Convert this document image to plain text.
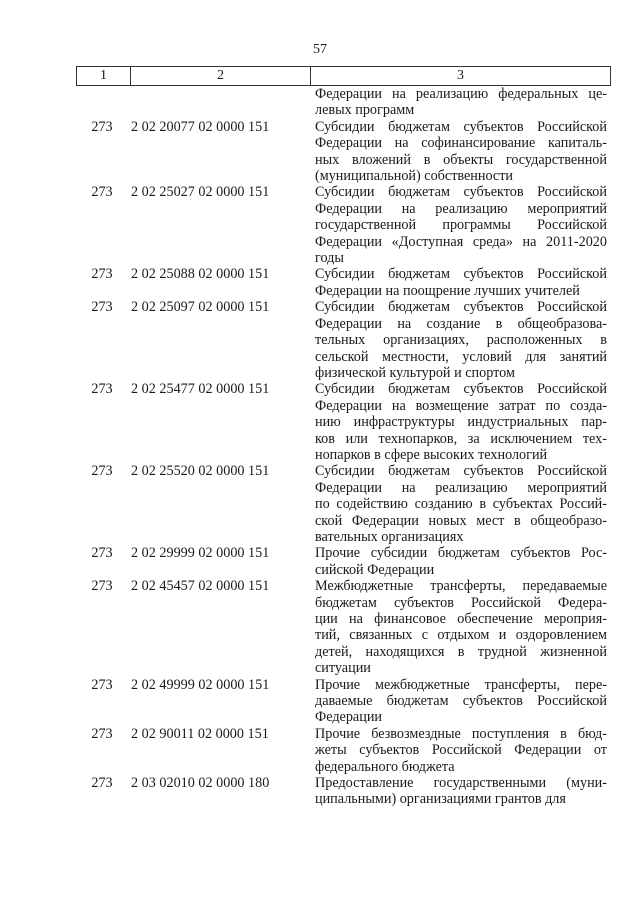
57
1	2	3
Федерации на реализацию федеральных це-
левых программ
273	2 02 20077 02 0000 151	Субсидии бюджетам субъектов Российской
Федерации на софинансирование капиталь-
ных вложений в объекты государственной
(муниципальной) собственности
273	2 02 25027 02 0000 151	Субсидии бюджетам субъектов Российской
Федерации на реализацию мероприятий
государственной программы Российской
Федерации «Доступная среда» на 2011-2020
годы
273	2 02 25088 02 0000 151	Субсидии бюджетам субъектов Российской
Федерации на поощрение лучших учителей
273	2 02 25097 02 0000 151	Субсидии бюджетам субъектов Российской
Федерации на создание в общеобразова-
тельных организациях, расположенных в
сельской местности, условий для занятий
физической культурой и спортом
273	2 02 25477 02 0000 151	Субсидии бюджетам субъектов Российской
Федерации на возмещение затрат по созда-
нию инфраструктуры индустриальных пар-
ков или технопарков, за исключением тех-
нопарков в сфере высоких технологий
273	2 02 25520 02 0000 151	Субсидии бюджетам субъектов Российской
Федерации на реализацию мероприятий
по содействию созданию в субъектах Россий-
ской Федерации новых мест в общеобразо-
вательных организациях
273	2 02 29999 02 0000 151	Прочие субсидии бюджетам субъектов Рос-
сийской Федерации
273	2 02 45457 02 0000 151	Межбюджетные трансферты, передаваемые
бюджетам субъектов Российской Федера-
ции на финансовое обеспечение мероприя-
тий, связанных с отдыхом и оздоровлением
детей, находящихся в трудной жизненной
ситуации
273	2 02 49999 02 0000 151	Прочие межбюджетные трансферты, пере-
даваемые бюджетам субъектов Российской
Федерации
273	2 02 90011 02 0000 151	Прочие безвозмездные поступления в бюд-
жеты субъектов Российской Федерации от
федерального бюджета
273	2 03 02010 02 0000 180	Предоставление государственными (муни-
ципальными) организациями грантов для
